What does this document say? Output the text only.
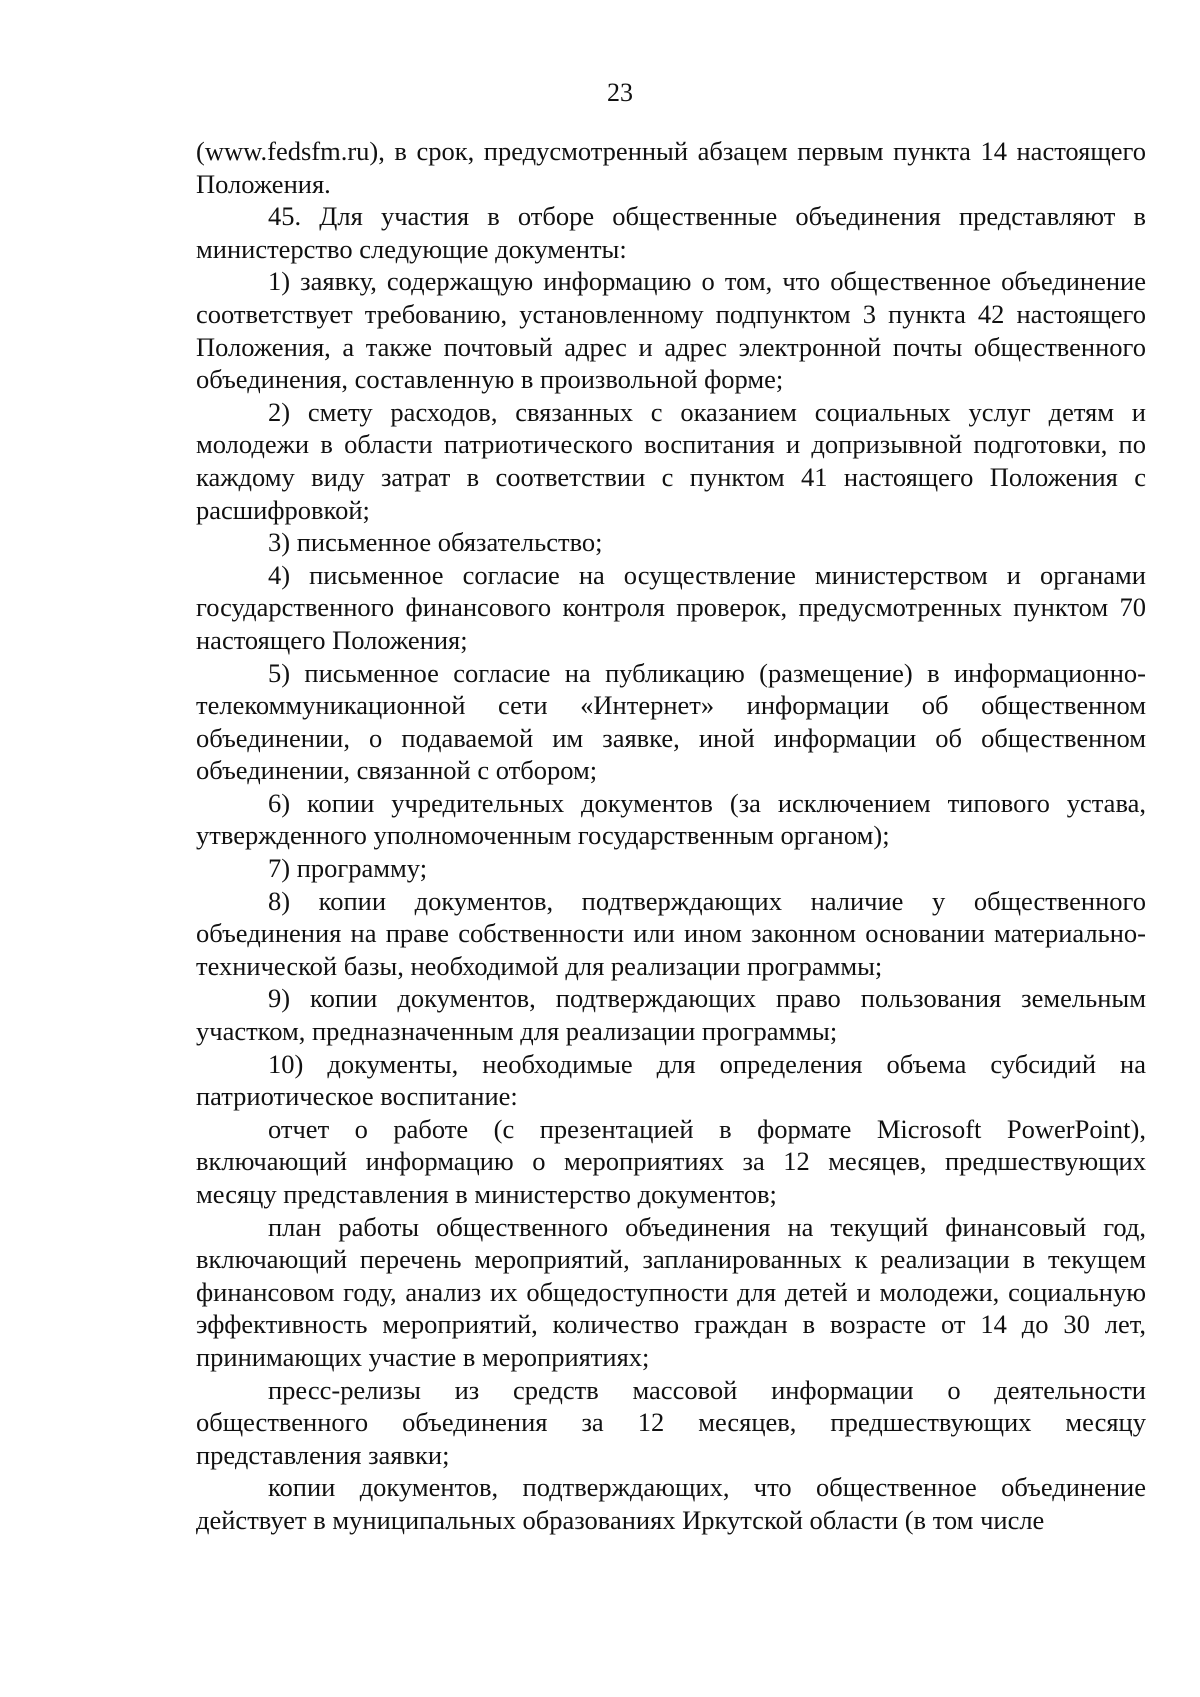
23

(www.fedsfm.ru), в срок, предусмотренный абзацем первым пункта 14 настоящего Положения.

45. Для участия в отборе общественные объединения представляют в министерство следующие документы:

1) заявку, содержащую информацию о том, что общественное объединение соответствует требованию, установленному подпунктом 3 пункта 42 настоящего Положения, а также почтовый адрес и адрес электронной почты общественного объединения, составленную в произвольной форме;

2) смету расходов, связанных с оказанием социальных услуг детям и молодежи в области патриотического воспитания и допризывной подготовки, по каждому виду затрат в соответствии с пунктом 41 настоящего Положения с расшифровкой;

3) письменное обязательство;

4) письменное согласие на осуществление министерством и органами государственного финансового контроля проверок, предусмотренных пунктом 70 настоящего Положения;

5) письменное согласие на публикацию (размещение) в информационно-телекоммуникационной сети «Интернет» информации об общественном объединении, о подаваемой им заявке, иной информации об общественном объединении, связанной с отбором;

6) копии учредительных документов (за исключением типового устава, утвержденного уполномоченным государственным органом);

7) программу;

8) копии документов, подтверждающих наличие у общественного объединения на праве собственности или ином законном основании материально-технической базы, необходимой для реализации программы;

9) копии документов, подтверждающих право пользования земельным участком, предназначенным для реализации программы;

10) документы, необходимые для определения объема субсидий на патриотическое воспитание:

отчет о работе (с презентацией в формате Microsoft PowerPoint), включающий информацию о мероприятиях за 12 месяцев, предшествующих месяцу представления в министерство документов;

план работы общественного объединения на текущий финансовый год, включающий перечень мероприятий, запланированных к реализации в текущем финансовом году, анализ их общедоступности для детей и молодежи, социальную эффективность мероприятий, количество граждан в возрасте от 14 до 30 лет, принимающих участие в мероприятиях;

пресс-релизы из средств массовой информации о деятельности общественного объединения за 12 месяцев, предшествующих месяцу представления заявки;

копии документов, подтверждающих, что общественное объединение действует в муниципальных образованиях Иркутской области (в том числе
